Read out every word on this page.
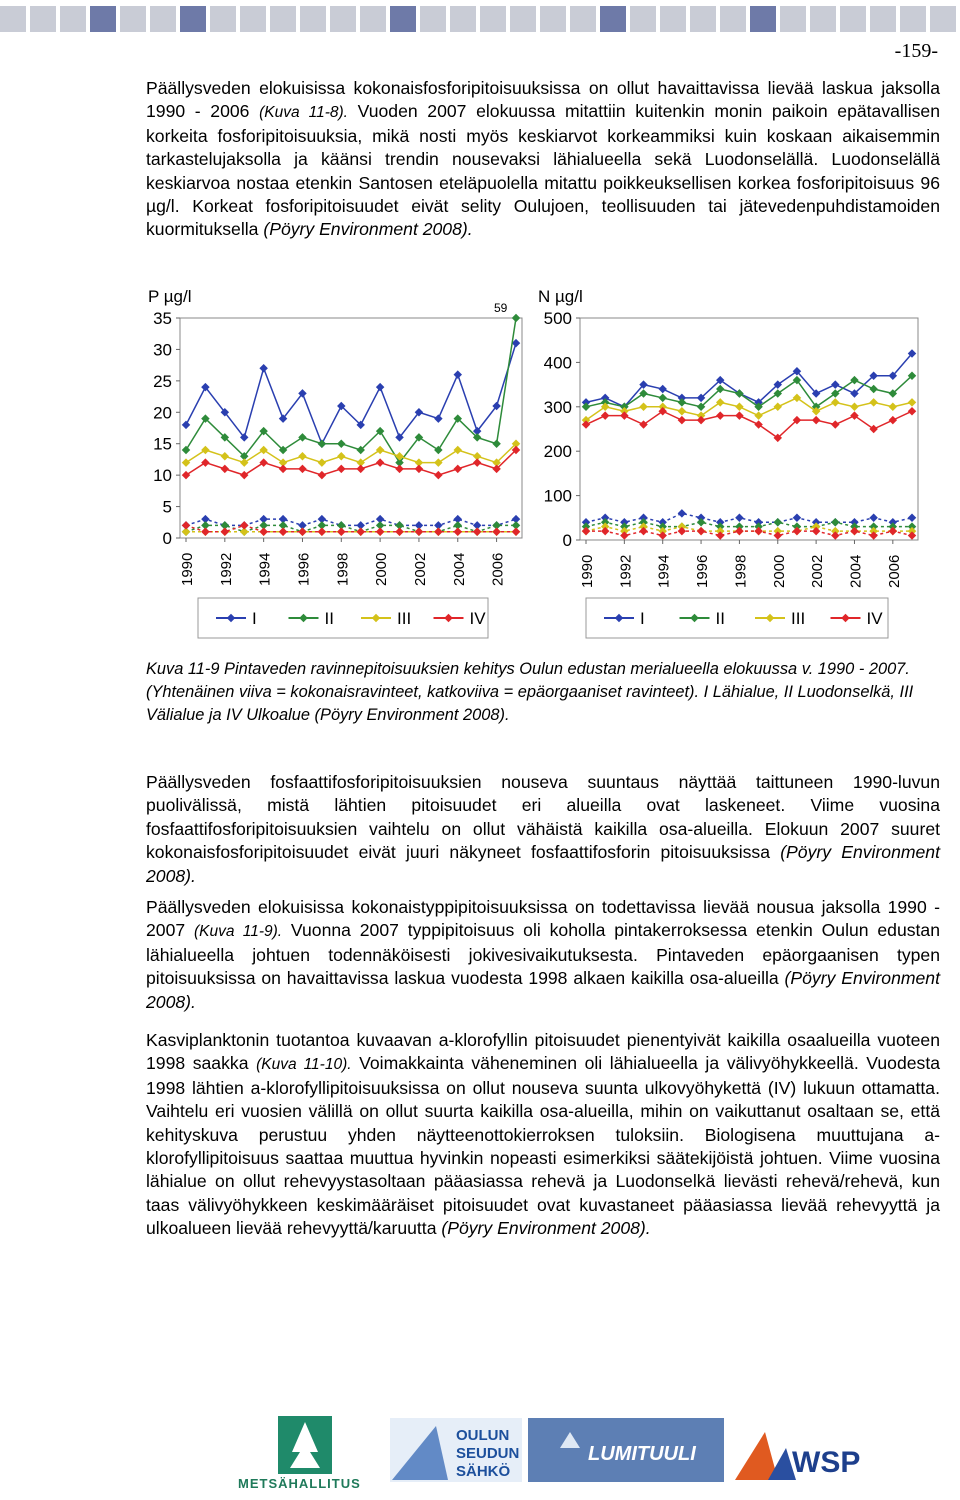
-159-

Päällysveden elokuisissa kokonaisfosforipitoisuuksissa on ollut havaittavissa lievää laskua jaksolla 1990 - 2006 (Kuva 11-8). Vuoden 2007 elokuussa mitattiin kuitenkin monin paikoin epätavallisen korkeita fosforipitoisuuksia, mikä nosti myös keskiarvot korkeammiksi kuin koskaan aikaisemmin tarkastelujaksolla ja käänsi trendin nousevaksi lähialueella sekä Luodonselällä. Luodonselällä keskiarvoa nostaa etenkin Santosen eteläpuolella mitattu poikkeuksellisen korkea fosforipitoisuus 96 µg/l. Korkeat fosforipitoisuudet eivät selity Oulujoen, teollisuuden tai jätevedenpuhdistamoiden kuormituksella (Pöyry Environment 2008).

P µg/l
0
5
10
15
20
25
30
35
1990 1992 1994 1996 1998 2000 2002 2004 2006
59
I	II	III	IV
N µg/l
0
100
200
300
400
500
1990 1992 1994 1996 1998 2000 2002 2004 2006
I	II	III	IV

Kuva 11-9 Pintaveden ravinnepitoisuuksien kehitys Oulun edustan merialueella elokuussa v. 1990 - 2007. (Yhtenäinen viiva = kokonaisravinteet, katkoviiva = epäorgaaniset ravinteet). I Lähialue, II Luodonselkä, III Välialue ja IV Ulkoalue (Pöyry Environment 2008).

Päällysveden fosfaattifosforipitoisuuksien nouseva suuntaus näyttää taittuneen 1990-luvun puolivälissä, mistä lähtien pitoisuudet eri alueilla ovat laskeneet. Viime vuosina fosfaattifosforipitoisuuksien vaihtelu on ollut vähäistä kaikilla osa-alueilla. Elokuun 2007 suuret kokonaisfosforipitoisuudet eivät juuri näkyneet fosfaattifosforin pitoisuuksissa (Pöyry Environment 2008).

Päällysveden elokuisissa kokonaistyppipitoisuuksissa on todettavissa lievää nousua jaksolla 1990 - 2007 (Kuva 11-9). Vuonna 2007 typpipitoisuus oli koholla pintakerroksessa etenkin Oulun edustan lähialueella johtuen todennäköisesti jokivesivaikutuksesta. Pintaveden epäorgaanisen typen pitoisuuksissa on havaittavissa laskua vuodesta 1998 alkaen kaikilla osa-alueilla (Pöyry Environment 2008).

Kasviplanktonin tuotantoa kuvaavan a-klorofyllin pitoisuudet pienentyivät kaikilla osaalueilla vuoteen 1998 saakka (Kuva 11-10). Voimakkainta väheneminen oli lähialueella ja välivyöhykkeellä. Vuodesta 1998 lähtien a-klorofyllipitoisuuksissa on ollut nouseva suunta ulkovyöhykettä (IV) lukuun ottamatta. Vaihtelu eri vuosien välillä on ollut suurta kaikilla osa-alueilla, mihin on vaikuttanut osaltaan se, että kehityskuva perustuu yhden näytteenottokierroksen tuloksiin. Biologisena muuttujana a-klorofyllipitoisuus saattaa muuttua hyvinkin nopeasti esimerkiksi säätekijöistä johtuen. Viime vuosina lähialue on ollut rehevyystasoltaan pääasiassa rehevä ja Luodonselkä lievästi rehevä/rehevä, kun taas välivyöhykkeen keskimääräiset pitoisuudet ovat kuvastaneet pääasiassa lievää rehevyyttä ja ulkoalueen lievää rehevyyttä/karuutta (Pöyry Environment 2008).

METSÄHALLITUS
OULUN
SEUDUN
SÄHKÖ
LUMITUULI	WSP
